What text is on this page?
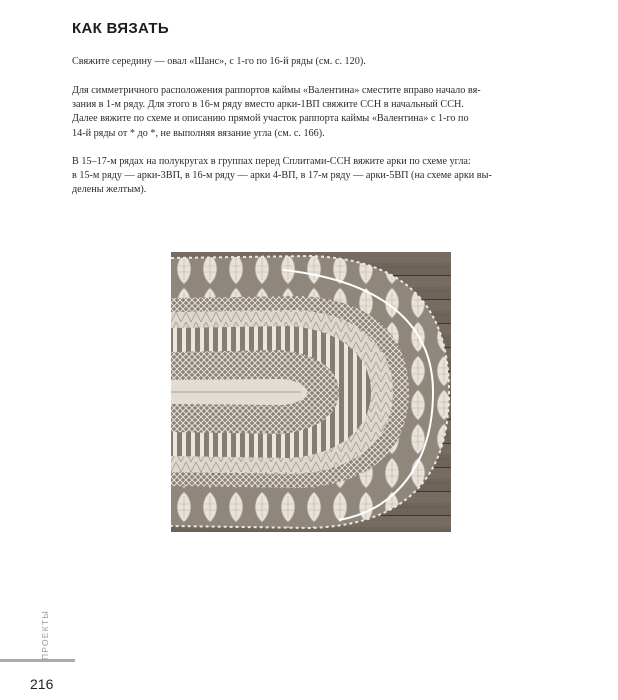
КАК ВЯЗАТЬ

Свяжите середину — овал «Шанс», с 1-го по 16-й ряды (см. с. 120).

Для симметричного расположения раппортов каймы «Валентина» сместите вправо начало вя-
зания в 1-м ряду. Для этого в 16-м ряду вместо арки-1ВП свяжите ССН в начальный ССН.
Далее вяжите по схеме и описанию прямой участок раппорта каймы «Валентина» с 1-го по
14-й ряды от * до *, не выполняя вязание угла (см. с. 166).

В 15–17-м рядах на полукругах в группах перед Сплитами-ССН вяжите арки по схеме угла:
в 15-м ряду — арки-3ВП, в 16-м ряду — арки 4-ВП, в 17-м ряду — арки-5ВП (на схеме арки вы-
делены желтым).

ПРОЕКТЫ
216
